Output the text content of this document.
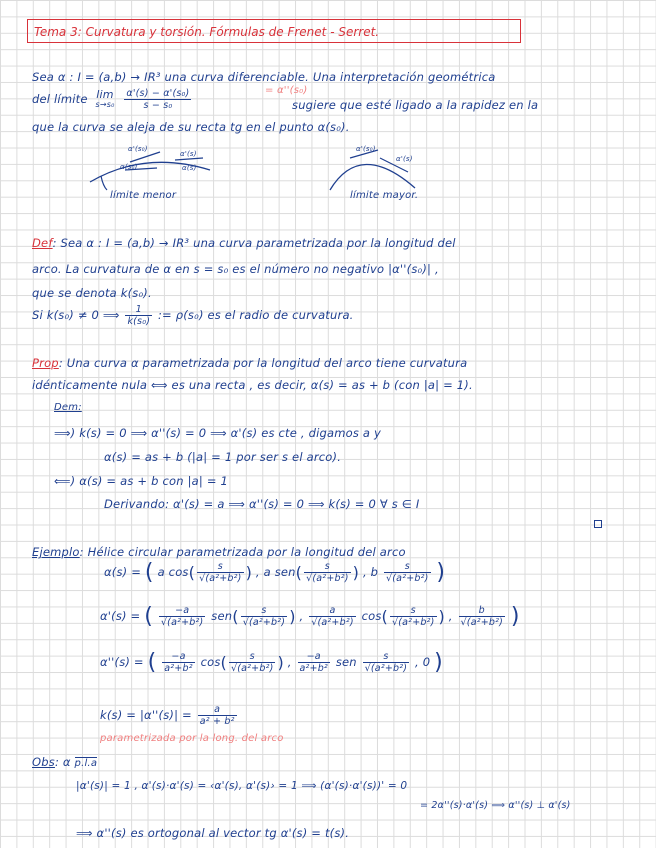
Tema 3: Curvatura y torsión. Fórmulas de Frenet - Serret.
Sea α : I = (a,b) → IR³ una curva diferenciable. Una interpretación geométrica
del límite lim
s→s₀
$\frac{\text{α'(s) − α'(s₀)}}{\text{s − s₀}}$	= α''(s₀)
sugiere que esté ligado a la rapidez en la
que la curva se aleja de su recta tg en el punto α(s₀).
α'(s₀)
α'(s)
α(s₀)	α(s)
límite menor
α'(s₀)
α'(s)
límite mayor.
Def: Sea α : I = (a,b) → IR³ una curva parametrizada por la longitud del
arco. La curvatura de α en s = s₀ es el número no negativo |α''(s₀)| ,
que se denota k(s₀).
Si k(s₀) ≠ 0 ⟹ $\frac{1}{\text{k(s₀)}}$ := ρ(s₀) es el radio de curvatura.
Prop: Una curva α parametrizada por la longitud del arco tiene curvatura
idénticamente nula ⟺ es una recta , es decir, α(s) = as + b (con |a| = 1).
Dem:
⟹) k(s) = 0 ⟹ α''(s) = 0 ⟹ α'(s) es cte , digamos a y
α(s) = as + b (|a| = 1 por ser s el arco).
⟸) α(s) = as + b con |a| = 1
Derivando: α'(s) = a ⟹ α''(s) = 0 ⟹ k(s) = 0 ∀ s ∈ I
Ejemplo: Hélice circular parametrizada por la longitud del arco
α(s) = ( a $\cos( \frac{s}{\text{√(a²+b²)}}$ ) , a $sen( \frac{s}{\text{√(a²+b²)}}$ ) , b $\frac{s}{\text{√(a²+b²)}}$ )
α'(s) = ( $\frac{-a}{\text{√(a²+b²)}} sen( \frac{s}{\text{√(a²+b²)}}$ ) , $\frac{a}{\text{√(a²+b²)}} \cos( \frac{s}{\text{√(a²+b²)}}$ ) , $\frac{b}{\text{√(a²+b²)}}$ )
α''(s) = ( $\frac{-a}{\text{a²+b²}} \cos( \frac{s}{\text{√(a²+b²)}}$ ) , $\frac{-a}{\text{a²+b²}}$ sen $\frac{s}{\text{√(a²+b²)}}$ , 0 )
$k(s) = |\alpha''(s)| = \frac{a}{\text{a² + b²}}$
parametrizada por la long. del arco
Obs: α p.l.a
|α'(s)| = 1 , α'(s)·α'(s) = ‹α'(s), α'(s)› = 1 ⟹ (α'(s)·α'(s))' = 0
= 2α''(s)·α'(s) ⟹ α''(s) ⊥ α'(s)
⟹ α''(s) es ortogonal al vector tg α'(s) = t(s).
